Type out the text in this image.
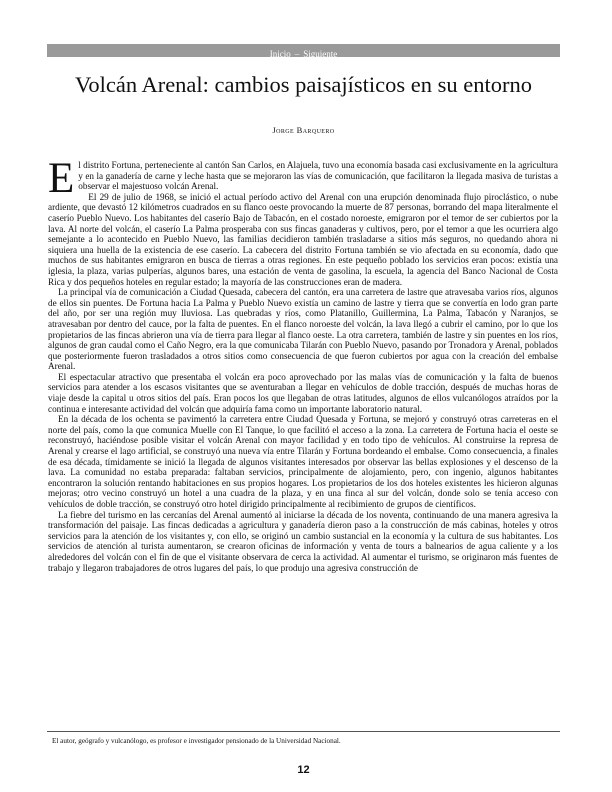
Inicio – Siguiente
Volcán Arenal: cambios paisajísticos en su entorno
Jorge Barquero

El distrito Fortuna, perteneciente al cantón San Carlos, en Alajuela, tuvo una economía basada casi exclusivamente en la agricultura y en la ganadería de carne y leche hasta que se mejoraron las vías de comunicación, que facilitaron la llegada masiva de turistas a observar el majestuoso volcán Arenal.

El 29 de julio de 1968, se inició el actual período activo del Arenal con una erupción denominada flujo piroclástico, o nube ardiente, que devastó 12 kilómetros cuadrados en su flanco oeste provocando la muerte de 87 personas, borrando del mapa literalmente el caserío Pueblo Nuevo. Los habitantes del caserío Bajo de Tabacón, en el costado noroeste, emigraron por el temor de ser cubiertos por la lava. Al norte del volcán, el caserío La Palma prosperaba con sus fincas ganaderas y cultivos, pero, por el temor a que les ocurriera algo semejante a lo acontecido en Pueblo Nuevo, las familias decidieron también trasladarse a sitios más seguros, no quedando ahora ni siquiera una huella de la existencia de ese caserío. La cabecera del distrito Fortuna también se vio afectada en su economía, dado que muchos de sus habitantes emigraron en busca de tierras a otras regiones. En este pequeño poblado los servicios eran pocos: existía una iglesia, la plaza, varias pulperías, algunos bares, una estación de venta de gasolina, la escuela, la agencia del Banco Nacional de Costa Rica y dos pequeños hoteles en regular estado; la mayoría de las construcciones eran de madera.

La principal vía de comunicación a Ciudad Quesada, cabecera del cantón, era una carretera de lastre que atravesaba varios ríos, algunos de ellos sin puentes. De Fortuna hacia La Palma y Pueblo Nuevo existía un camino de lastre y tierra que se convertía en lodo gran parte del año, por ser una región muy lluviosa. Las quebradas y ríos, como Platanillo, Guillermina, La Palma, Tabacón y Naranjos, se atravesaban por dentro del cauce, por la falta de puentes. En el flanco noroeste del volcán, la lava llegó a cubrir el camino, por lo que los propietarios de las fincas abrieron una vía de tierra para llegar al flanco oeste. La otra carretera, también de lastre y sin puentes en los ríos, algunos de gran caudal como el Caño Negro, era la que comunicaba Tilarán con Pueblo Nuevo, pasando por Tronadora y Arenal, poblados que posteriormente fueron trasladados a otros sitios como consecuencia de que fueron cubiertos por agua con la creación del embalse Arenal.

El espectacular atractivo que presentaba el volcán era poco aprovechado por las malas vías de comunicación y la falta de buenos servicios para atender a los escasos visitantes que se aventuraban a llegar en vehículos de doble tracción, después de muchas horas de viaje desde la capital u otros sitios del país. Eran pocos los que llegaban de otras latitudes, algunos de ellos vulcanólogos atraídos por la continua e interesante actividad del volcán que adquiría fama como un importante laboratorio natural.

En la década de los ochenta se pavimentó la carretera entre Ciudad Quesada y Fortuna, se mejoró y construyó otras carreteras en el norte del país, como la que comunica Muelle con El Tanque, lo que facilitó el acceso a la zona. La carretera de Fortuna hacia el oeste se reconstruyó, haciéndose posible visitar el volcán Arenal con mayor facilidad y en todo tipo de vehículos. Al construirse la represa de Arenal y crearse el lago artificial, se construyó una nueva vía entre Tilarán y Fortuna bordeando el embalse. Como consecuencia, a finales de esa década, tímidamente se inició la llegada de algunos visitantes interesados por observar las bellas explosiones y el descenso de la lava. La comunidad no estaba preparada: faltaban servicios, principalmente de alojamiento, pero, con ingenio, algunos habitantes encontraron la solución rentando habitaciones en sus propios hogares. Los propietarios de los dos hoteles existentes les hicieron algunas mejoras; otro vecino construyó un hotel a una cuadra de la plaza, y en una finca al sur del volcán, donde solo se tenía acceso con vehículos de doble tracción, se construyó otro hotel dirigido principalmente al recibimiento de grupos de científicos.

La fiebre del turismo en las cercanías del Arenal aumentó al iniciarse la década de los noventa, continuando de una manera agresiva la transformación del paisaje. Las fincas dedicadas a agricultura y ganadería dieron paso a la construcción de más cabinas, hoteles y otros servicios para la atención de los visitantes y, con ello, se originó un cambio sustancial en la economía y la cultura de sus habitantes. Los servicios de atención al turista aumentaron, se crearon oficinas de información y venta de tours a balnearios de agua caliente y a los alrededores del volcán con el fin de que el visitante observara de cerca la actividad. Al aumentar el turismo, se originaron más fuentes de trabajo y llegaron trabajadores de otros lugares del país, lo que produjo una agresiva construcción de

El autor, geógrafo y vulcanólogo, es profesor e investigador pensionado de la Universidad Nacional.
12
